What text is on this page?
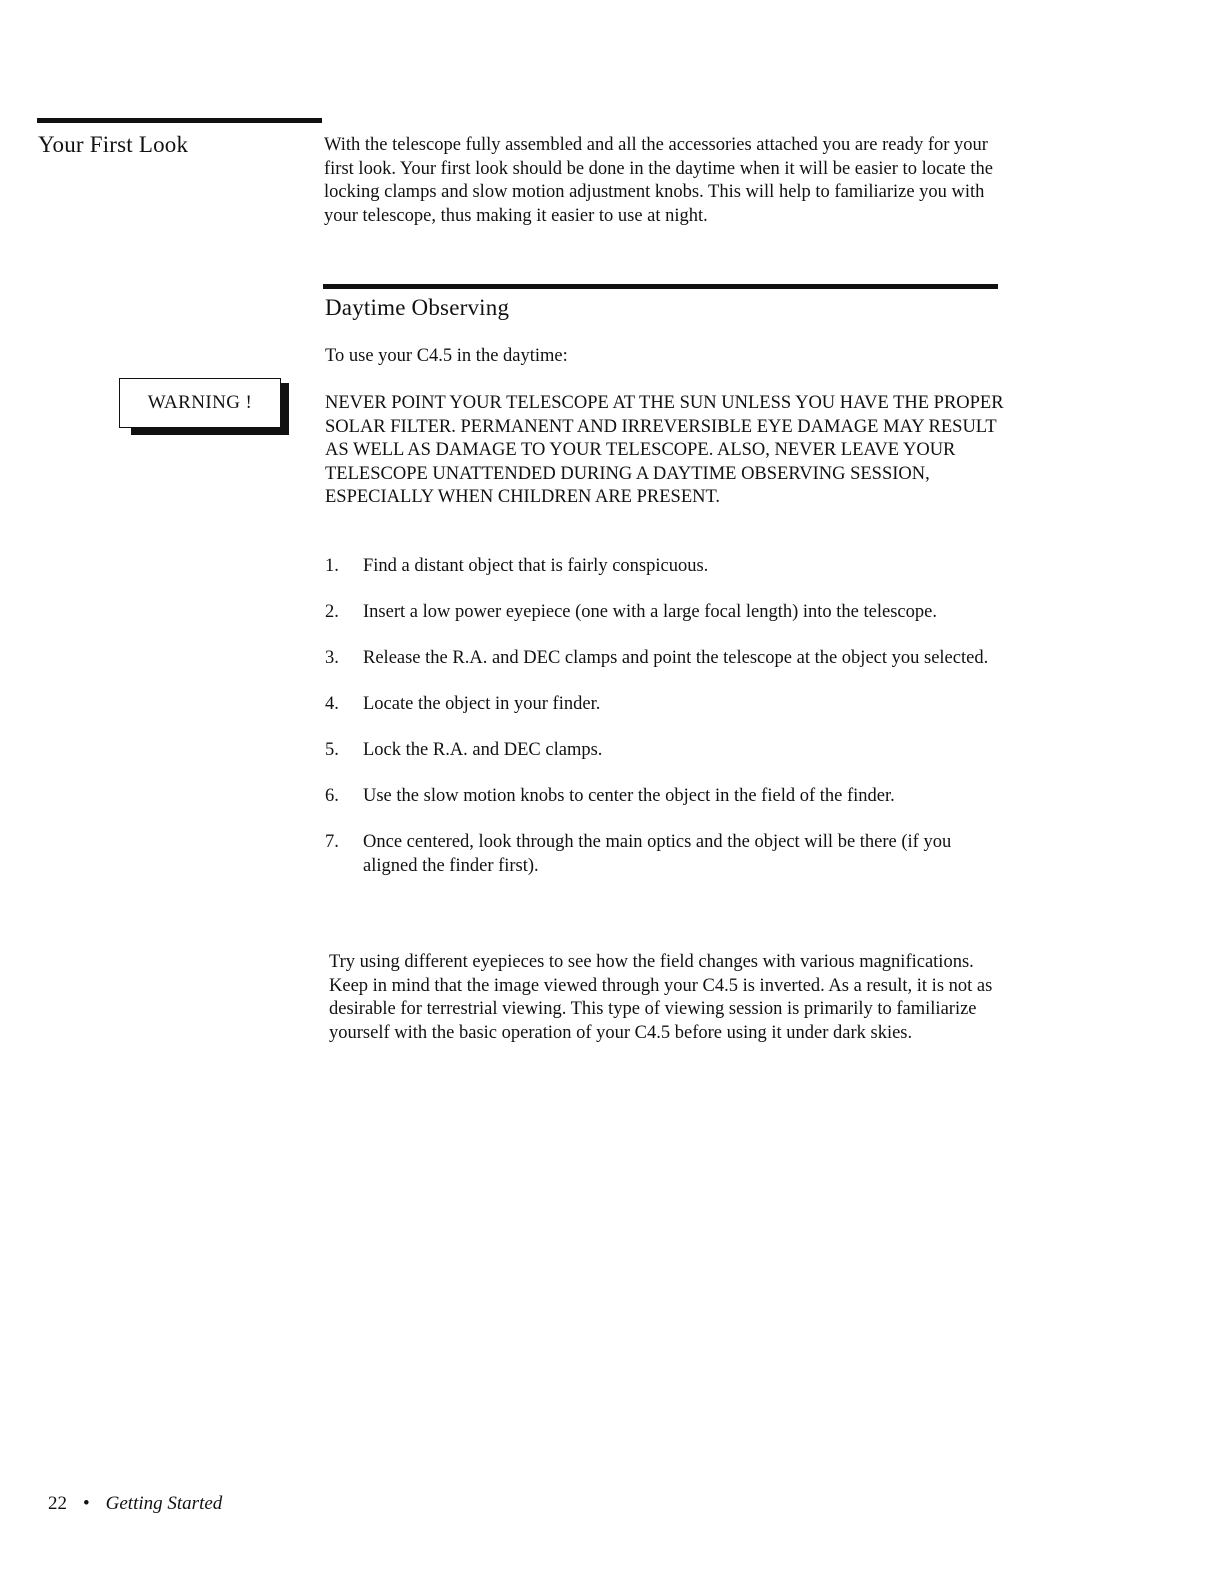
Your First Look	With the telescope fully assembled and all the accessories attached you are ready for your first look. Your first look should be done in the daytime when it will be easier to locate the locking clamps and slow motion adjustment knobs. This will help to familiarize you with your telescope, thus making it easier to use at night.

Daytime Observing

To use your C4.5 in the daytime:

WARNING !	NEVER POINT YOUR TELESCOPE AT THE SUN UNLESS YOU HAVE THE PROPER SOLAR FILTER. PERMANENT AND IRREVERSIBLE EYE DAMAGE MAY RESULT AS WELL AS DAMAGE TO YOUR TELESCOPE. ALSO, NEVER LEAVE YOUR TELESCOPE UNATTENDED DURING A DAYTIME OBSERVING SESSION, ESPECIALLY WHEN CHILDREN ARE PRESENT.

1. Find a distant object that is fairly conspicuous.
2. Insert a low power eyepiece (one with a large focal length) into the telescope.
3. Release the R.A. and DEC clamps and point the telescope at the object you selected.
4. Locate the object in your finder.
5. Lock the R.A. and DEC clamps.
6. Use the slow motion knobs to center the object in the field of the finder.
7. Once centered, look through the main optics and the object will be there (if you aligned the finder first).

Try using different eyepieces to see how the field changes with various magnifications. Keep in mind that the image viewed through your C4.5 is inverted. As a result, it is not as desirable for terrestrial viewing. This type of viewing session is primarily to familiarize yourself with the basic operation of your C4.5 before using it under dark skies.

22 • Getting Started
